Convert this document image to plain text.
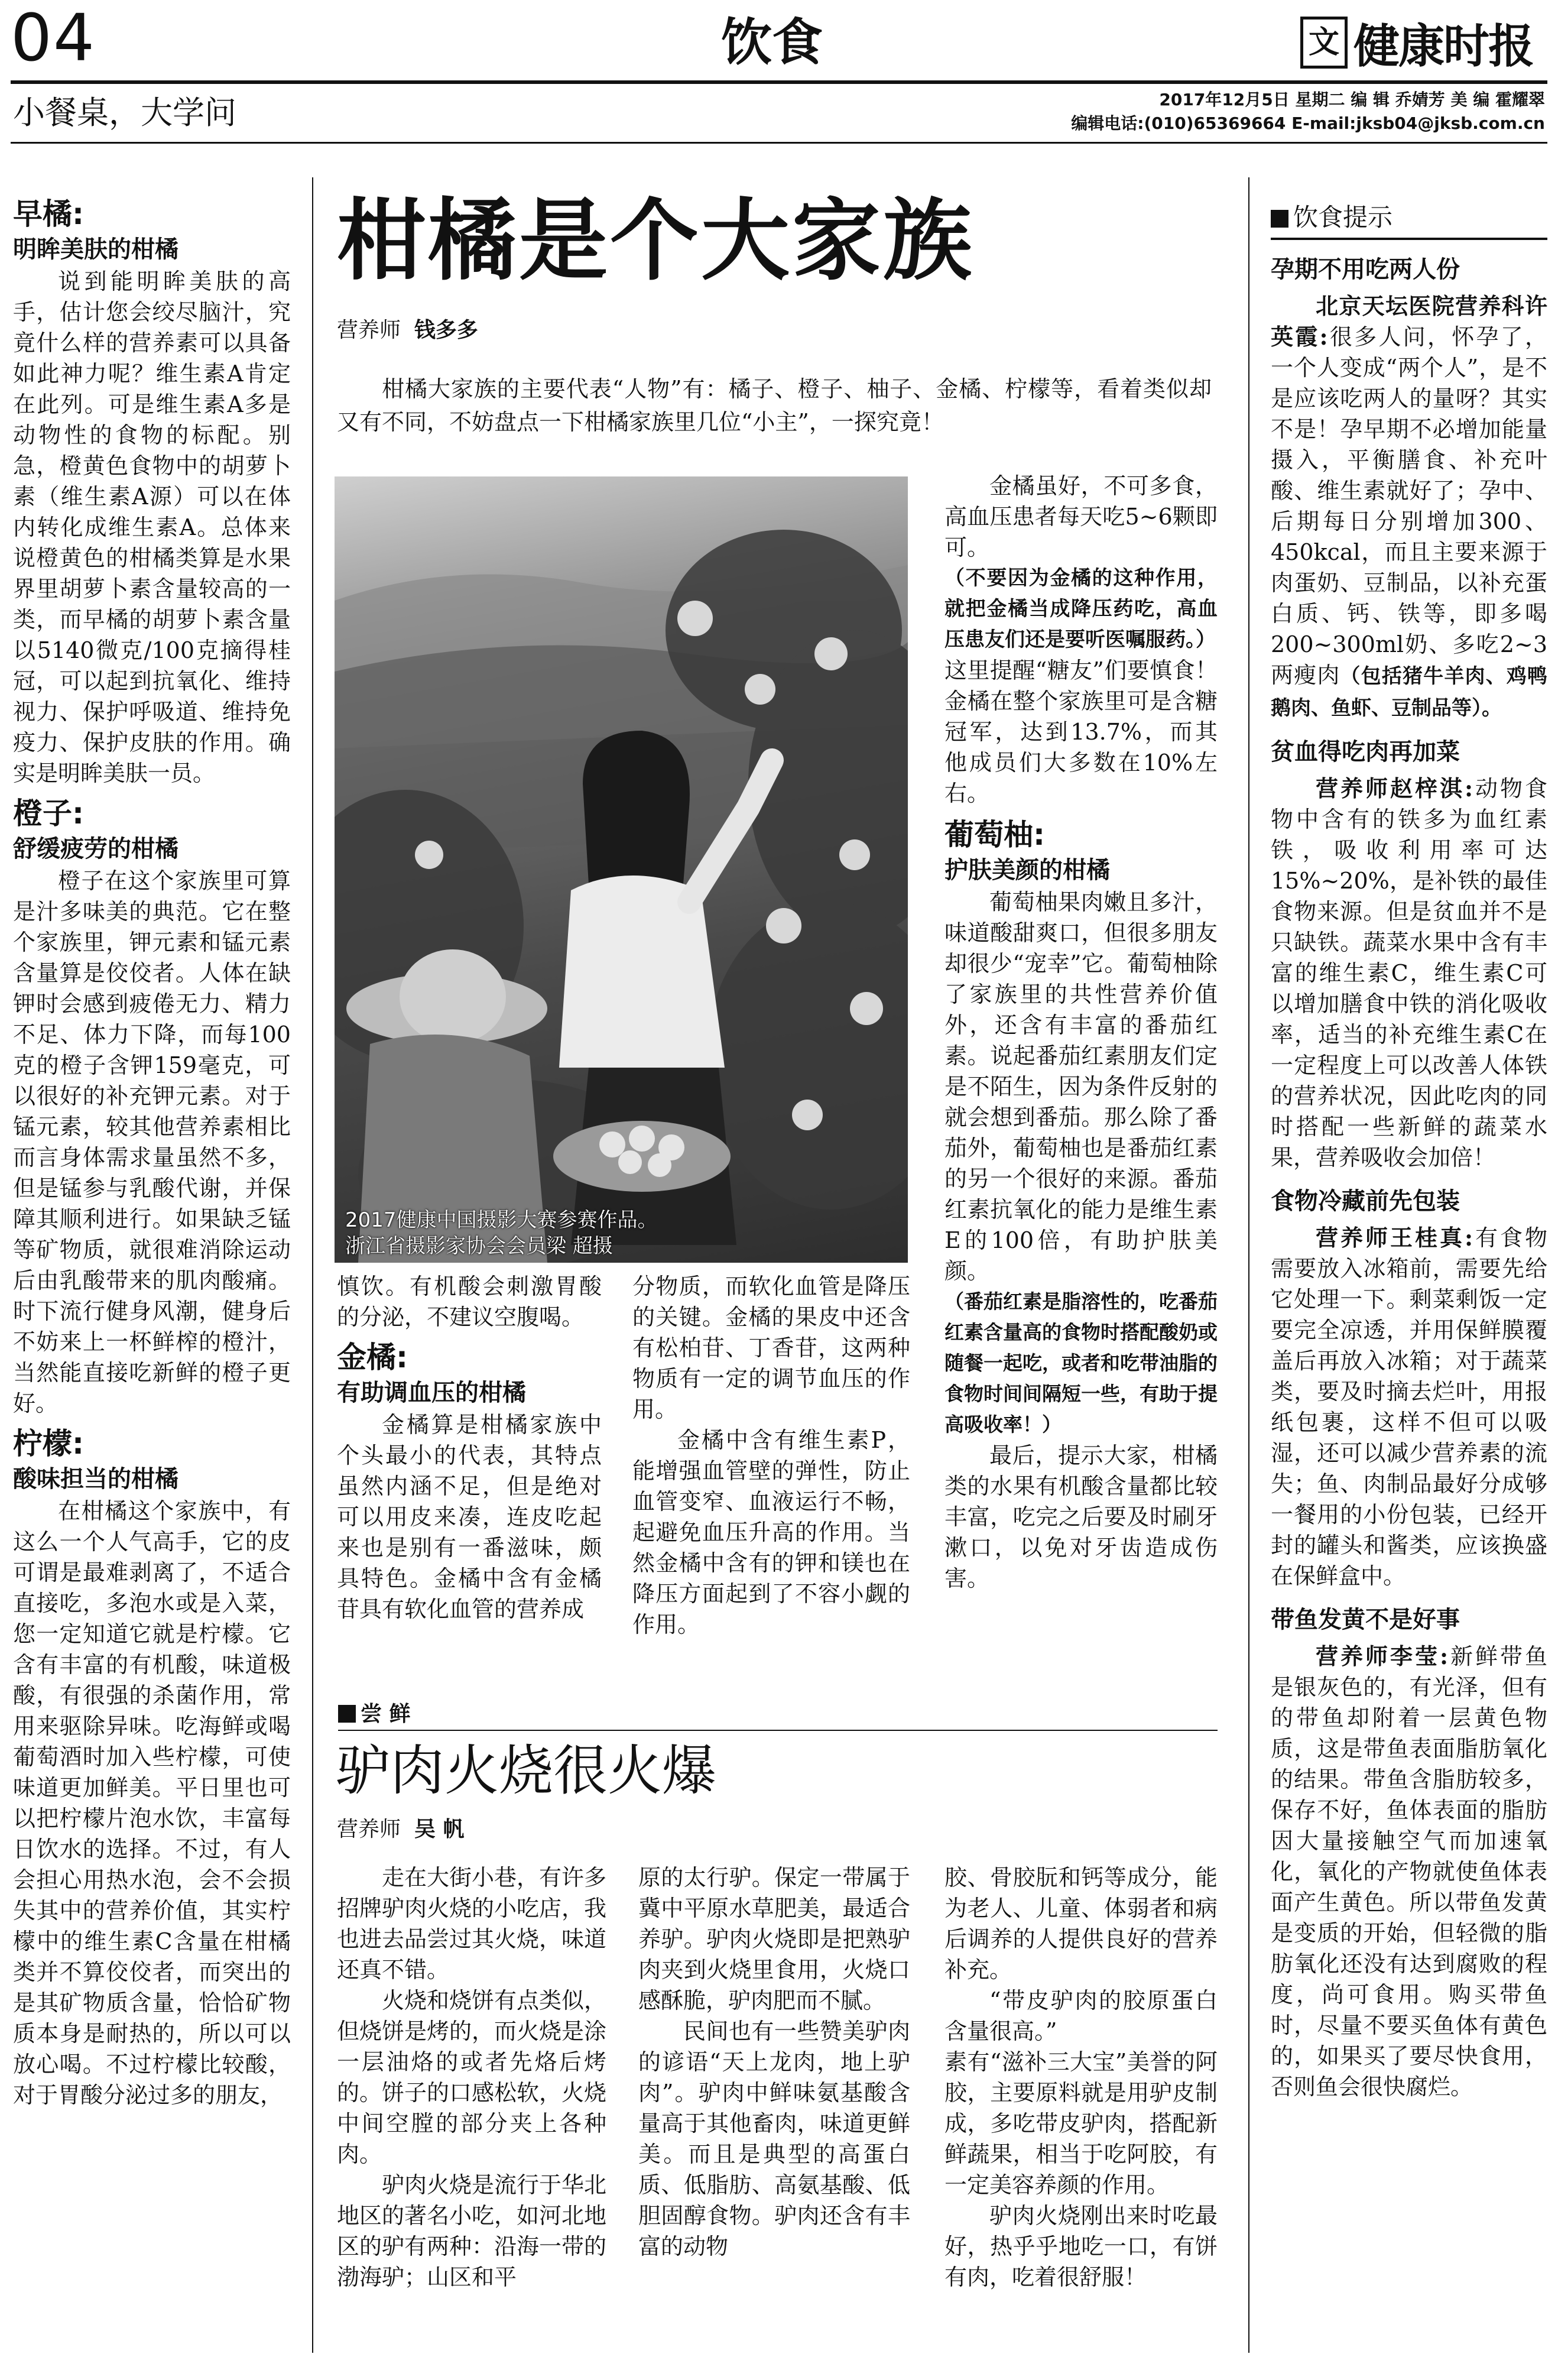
04	饮食	文 健康时报
小餐桌，大学问	2017年12月5日 星期二 编 辑 乔婧芳 美 编 霍耀翠
编辑电话:(010)65369664 E-mail:jksb04@jksb.com.cn
早橘:
明眸美肤的柑橘

说到能明眸美肤的高手，估计您会绞尽脑汁，究竟什么样的营养素可以具备如此神力呢？维生素A肯定在此列。可是维生素A多是动物性的食物的标配。别急，橙黄色食物中的胡萝卜素（维生素A源）可以在体内转化成维生素A。总体来说橙黄色的柑橘类算是水果界里胡萝卜素含量较高的一类，而早橘的胡萝卜素含量以5140微克/100克摘得桂冠，可以起到抗氧化、维持视力、保护呼吸道、维持免疫力、保护皮肤的作用。确实是明眸美肤一员。

橙子:
舒缓疲劳的柑橘

橙子在这个家族里可算是汁多味美的典范。它在整个家族里，钾元素和锰元素含量算是佼佼者。人体在缺钾时会感到疲倦无力、精力不足、体力下降，而每100克的橙子含钾159毫克，可以很好的补充钾元素。对于锰元素，较其他营养素相比而言身体需求量虽然不多，但是锰参与乳酸代谢，并保障其顺利进行。如果缺乏锰等矿物质，就很难消除运动后由乳酸带来的肌肉酸痛。时下流行健身风潮，健身后不妨来上一杯鲜榨的橙汁，当然能直接吃新鲜的橙子更好。

柠檬:
酸味担当的柑橘

在柑橘这个家族中，有这么一个人气高手，它的皮可谓是最难剥离了，不适合直接吃，多泡水或是入菜，您一定知道它就是柠檬。它含有丰富的有机酸，味道极酸，有很强的杀菌作用，常用来驱除异味。吃海鲜或喝葡萄酒时加入些柠檬，可使味道更加鲜美。平日里也可以把柠檬片泡水饮，丰富每日饮水的选择。不过，有人会担心用热水泡，会不会损失其中的营养价值，其实柠檬中的维生素C含量在柑橘类并不算佼佼者，而突出的是其矿物质含量，恰恰矿物质本身是耐热的，所以可以放心喝。不过柠檬比较酸，对于胃酸分泌过多的朋友，

柑橘是个大家族
营养师 钱多多

柑橘大家族的主要代表“人物”有：橘子、橙子、柚子、金橘、柠檬等，看着类似却又有不同，不妨盘点一下柑橘家族里几位“小主”，一探究竟！

2017健康中国摄影大赛参赛作品。
浙江省摄影家协会会员梁 超摄

金橘虽好，不可多食，高血压患者每天吃5~6颗即可。

（不要因为金橘的这种作用，就把金橘当成降压药吃，高血压患友们还是要听医嘱服药。）

这里提醒“糖友”们要慎食！金橘在整个家族里可是含糖冠军，达到13.7%，而其他成员们大多数在10%左右。

葡萄柚:
护肤美颜的柑橘

葡萄柚果肉嫩且多汁，味道酸甜爽口，但很多朋友却很少“宠幸”它。葡萄柚除了家族里的共性营养价值外，还含有丰富的番茄红素。说起番茄红素朋友们定是不陌生，因为条件反射的就会想到番茄。那么除了番茄外，葡萄柚也是番茄红素的另一个很好的来源。番茄红素抗氧化的能力是维生素E的100倍，有助护肤美颜。

（番茄红素是脂溶性的，吃番茄红素含量高的食物时搭配酸奶或随餐一起吃，或者和吃带油脂的食物时间间隔短一些，有助于提高吸收率！）

最后，提示大家，柑橘类的水果有机酸含量都比较丰富，吃完之后要及时刷牙漱口，以免对牙齿造成伤害。

慎饮。有机酸会刺激胃酸的分泌，不建议空腹喝。

金橘:
有助调血压的柑橘

金橘算是柑橘家族中个头最小的代表，其特点虽然内涵不足，但是绝对可以用皮来凑，连皮吃起来也是别有一番滋味，颇具特色。金橘中含有金橘苷具有软化血管的营养成

分物质，而软化血管是降压的关键。金橘的果皮中还含有松柏苷、丁香苷，这两种物质有一定的调节血压的作用。

金橘中含有维生素P，能增强血管壁的弹性，防止血管变窄、血液运行不畅，起避免血压升高的作用。当然金橘中含有的钾和镁也在降压方面起到了不容小觑的作用。

尝 鲜
驴肉火烧很火爆
营养师 吴 帆

走在大街小巷，有许多招牌驴肉火烧的小吃店，我也进去品尝过其火烧，味道还真不错。

火烧和烧饼有点类似，但烧饼是烤的，而火烧是涂一层油烙的或者先烙后烤的。饼子的口感松软，火烧中间空膛的部分夹上各种肉。

驴肉火烧是流行于华北地区的著名小吃，如河北地区的驴有两种：沿海一带的渤海驴；山区和平

原的太行驴。保定一带属于冀中平原水草肥美，最适合养驴。驴肉火烧即是把熟驴肉夹到火烧里食用，火烧口感酥脆，驴肉肥而不腻。

民间也有一些赞美驴肉的谚语“天上龙肉，地上驴肉”。驴肉中鲜味氨基酸含量高于其他畜肉，味道更鲜美。而且是典型的高蛋白质、低脂肪、高氨基酸、低胆固醇食物。驴肉还含有丰富的动物

胶、骨胶朊和钙等成分，能为老人、儿童、体弱者和病后调养的人提供良好的营养补充。

“带皮驴肉的胶原蛋白含量很高。”

素有“滋补三大宝”美誉的阿胶，主要原料就是用驴皮制成，多吃带皮驴肉，搭配新鲜蔬果，相当于吃阿胶，有一定美容养颜的作用。

驴肉火烧刚出来时吃最好，热乎乎地吃一口，有饼有肉，吃着很舒服！

饮食提示
孕期不用吃两人份

北京天坛医院营养科许英霞:很多人问，怀孕了，一个人变成“两个人”，是不是应该吃两人的量呀？其实不是！孕早期不必增加能量摄入，平衡膳食、补充叶酸、维生素就好了；孕中、后期每日分别增加300、450kcal，而且主要来源于肉蛋奶、豆制品，以补充蛋白质、钙、铁等，即多喝200~300ml奶、多吃2~3两瘦肉（包括猪牛羊肉、鸡鸭鹅肉、鱼虾、豆制品等）。

贫血得吃肉再加菜

营养师赵梓淇:动物食物中含有的铁多为血红素铁，吸收利用率可达15%~20%，是补铁的最佳食物来源。但是贫血并不是只缺铁。蔬菜水果中含有丰富的维生素C，维生素C可以增加膳食中铁的消化吸收率，适当的补充维生素C在一定程度上可以改善人体铁的营养状况，因此吃肉的同时搭配一些新鲜的蔬菜水果，营养吸收会加倍！

食物冷藏前先包装

营养师王桂真:有食物需要放入冰箱前，需要先给它处理一下。剩菜剩饭一定要完全凉透，并用保鲜膜覆盖后再放入冰箱；对于蔬菜类，要及时摘去烂叶，用报纸包裹，这样不但可以吸湿，还可以减少营养素的流失；鱼、肉制品最好分成够一餐用的小份包装，已经开封的罐头和酱类，应该换盛在保鲜盒中。

带鱼发黄不是好事

营养师李莹:新鲜带鱼是银灰色的，有光泽，但有的带鱼却附着一层黄色物质，这是带鱼表面脂肪氧化的结果。带鱼含脂肪较多，保存不好，鱼体表面的脂肪因大量接触空气而加速氧化，氧化的产物就使鱼体表面产生黄色。所以带鱼发黄是变质的开始，但轻微的脂肪氧化还没有达到腐败的程度，尚可食用。购买带鱼时，尽量不要买鱼体有黄色的，如果买了要尽快食用，否则鱼会很快腐烂。
